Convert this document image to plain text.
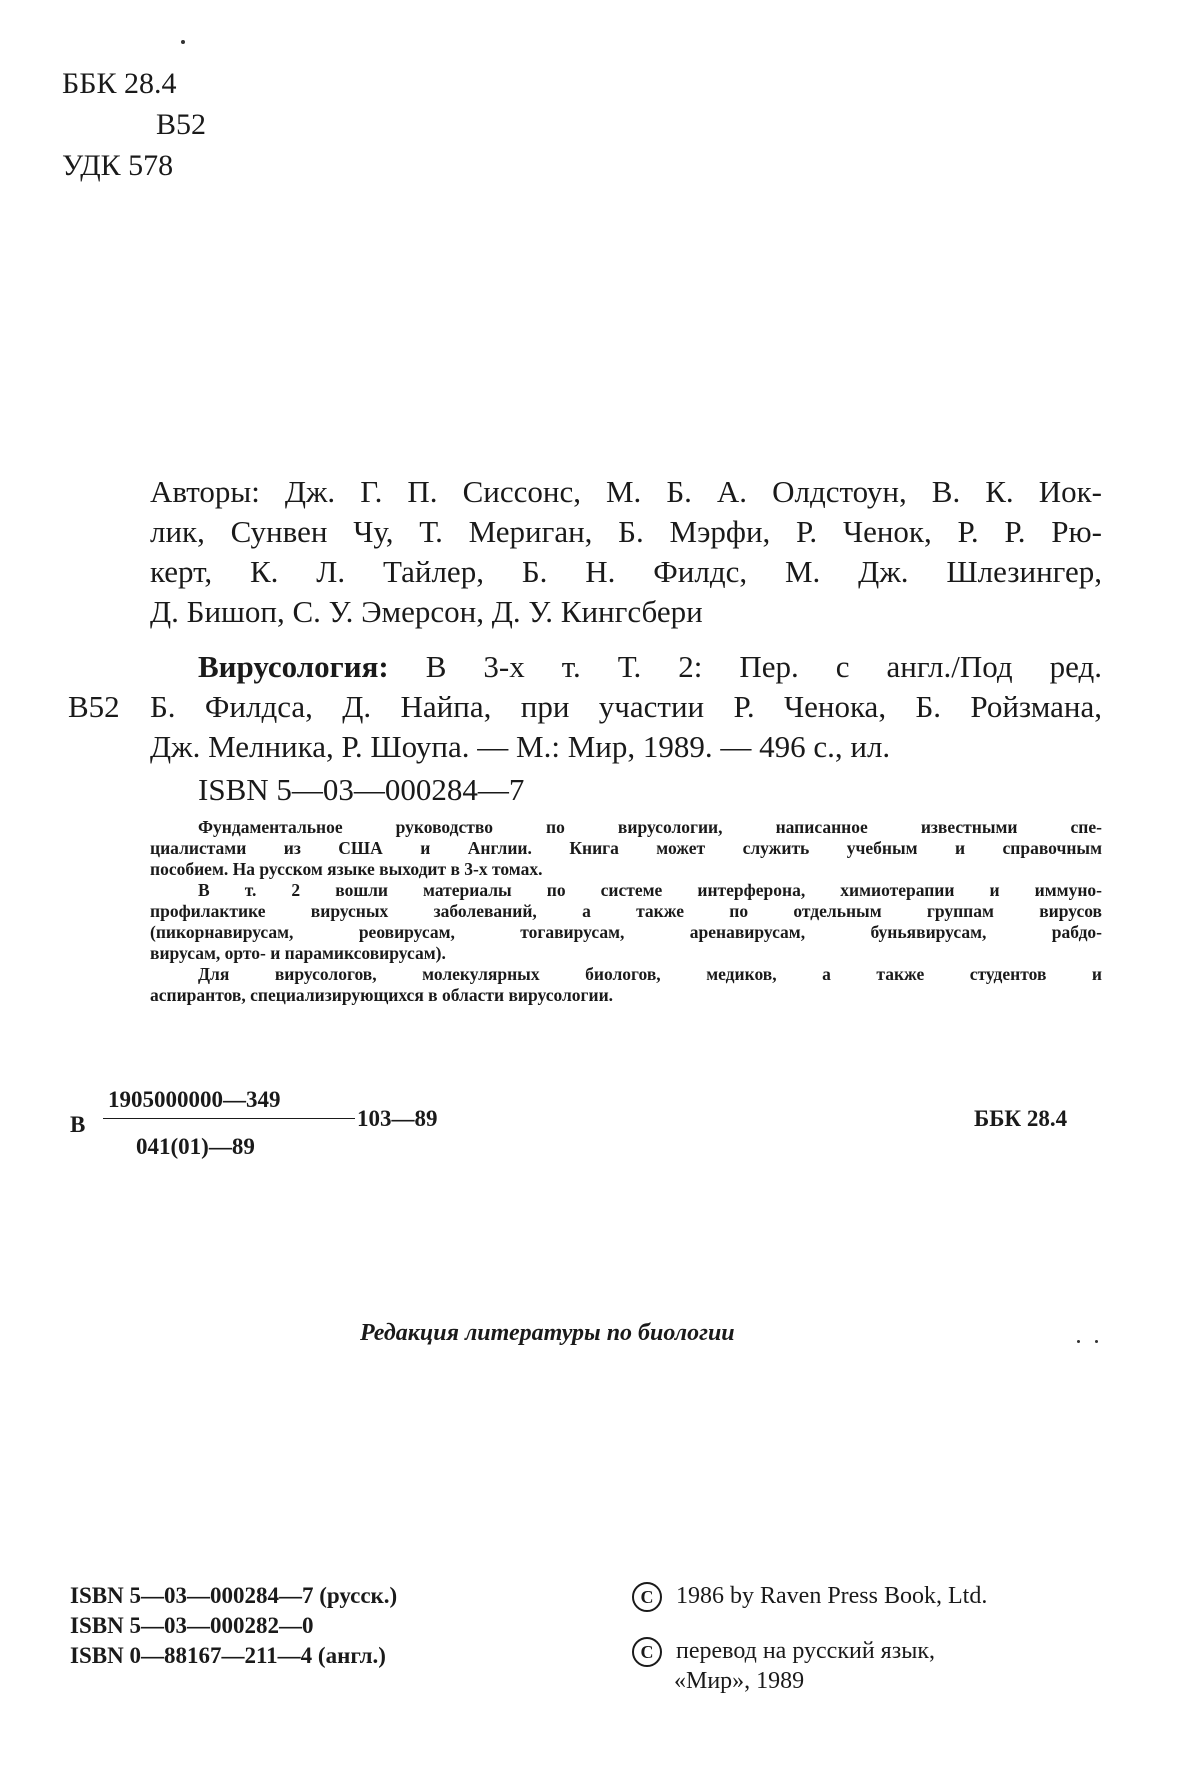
ББК 28.4
В52
УДК 578
Авторы: Дж. Г. П. Сиссонс, М. Б. А. Олдстоун, В. К. Иок-
лик, Сунвен Чу, Т. Мериган, Б. Мэрфи, Р. Ченок, Р. Р. Рю-
керт, К. Л. Тайлер, Б. Н. Филдс, М. Дж. Шлезингер,
Д. Бишоп, С. У. Эмерсон, Д. У. Кингсбери
В52
Вирусология: В 3-х т. Т. 2: Пер. с англ./Под ред.
Б. Филдса, Д. Найпа, при участии Р. Ченока, Б. Ройзмана,
Дж. Мелника, Р. Шоупа. — М.: Мир, 1989. — 496 с., ил.
ISBN 5—03—000284—7
Фундаментальное руководство по вирусологии, написанное известными спе-
циалистами из США и Англии. Книга может служить учебным и справочным
пособием. На русском языке выходит в 3-х томах.
В т. 2 вошли материалы по системе интерферона, химиотерапии и иммуно-
профилактике вирусных заболеваний, а также по отдельным группам вирусов
(пикорнавирусам, реовирусам, тогавирусам, аренавирусам, буньявирусам, рабдо-
вирусам, орто- и парамиксовирусам).
Для вирусологов, молекулярных биологов, медиков, а также студентов и
аспирантов, специализирующихся в области вирусологии.
В
1905000000—349
041(01)—89
103—89	ББК 28.4
Редакция литературы по биологии
ISBN 5—03—000284—7 (русск.)
ISBN 5—03—000282—0
ISBN 0—88167—211—4 (англ.)
C 1986 by Raven Press Book, Ltd.
C перевод на русский язык,
«Мир», 1989
